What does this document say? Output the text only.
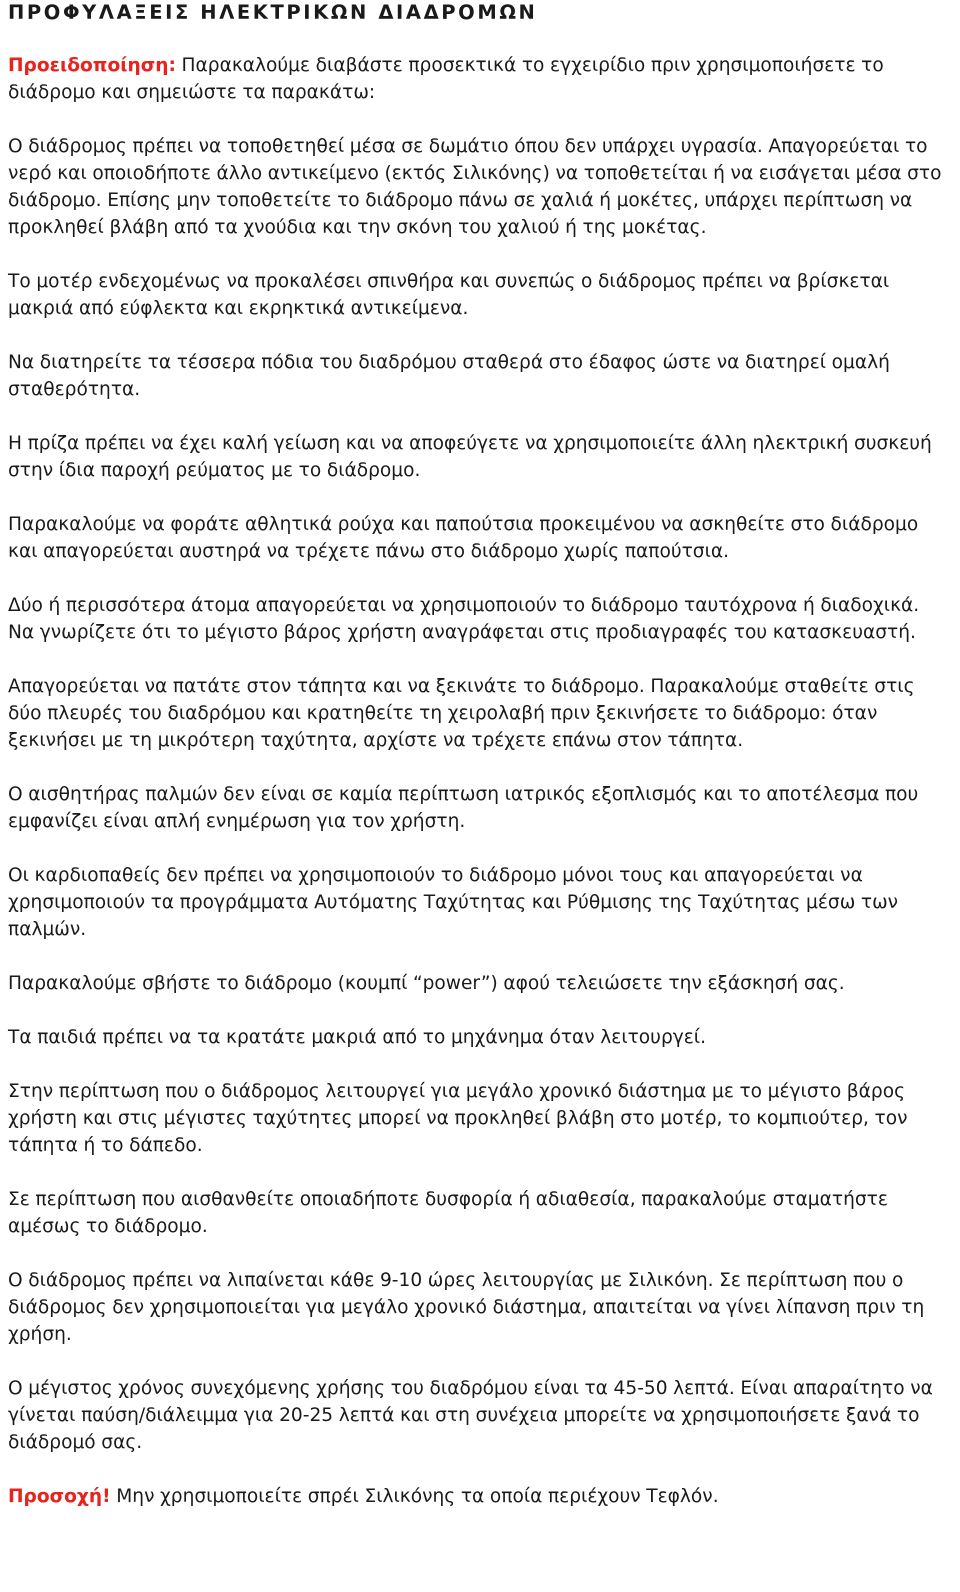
ΠΡΟΦΥΛΑΞΕΙΣ ΗΛΕΚΤΡΙΚΩΝ ΔΙΑΔΡΟΜΩΝ

Προειδοποίηση: Παρακαλούμε διαβάστε προσεκτικά το εγχειρίδιο πριν χρησιμοποιήσετε το διάδρομο και σημειώστε τα παρακάτω:

Ο διάδρομος πρέπει να τοποθετηθεί μέσα σε δωμάτιο όπου δεν υπάρχει υγρασία. Απαγορεύεται το νερό και οποιοδήποτε άλλο αντικείμενο (εκτός Σιλικόνης) να τοποθετείται ή να εισάγεται μέσα στο διάδρομο. Επίσης μην τοποθετείτε το διάδρομο πάνω σε χαλιά ή μοκέτες, υπάρχει περίπτωση να προκληθεί βλάβη από τα χνούδια και την σκόνη του χαλιού ή της μοκέτας.

Το μοτέρ ενδεχομένως να προκαλέσει σπινθήρα και συνεπώς ο διάδρομος πρέπει να βρίσκεται μακριά από εύφλεκτα και εκρηκτικά αντικείμενα.

Να διατηρείτε τα τέσσερα πόδια του διαδρόμου σταθερά στο έδαφος ώστε να διατηρεί ομαλή σταθερότητα.

Η πρίζα πρέπει να έχει καλή γείωση και να αποφεύγετε να χρησιμοποιείτε άλλη ηλεκτρική συσκευή στην ίδια παροχή ρεύματος με το διάδρομο.

Παρακαλούμε να φοράτε αθλητικά ρούχα και παπούτσια προκειμένου να ασκηθείτε στο διάδρομο και απαγορεύεται αυστηρά να τρέχετε πάνω στο διάδρομο χωρίς παπούτσια.

Δύο ή περισσότερα άτομα απαγορεύεται να χρησιμοποιούν το διάδρομο ταυτόχρονα ή διαδοχικά. Να γνωρίζετε ότι το μέγιστο βάρος χρήστη αναγράφεται στις προδιαγραφές του κατασκευαστή.

Απαγορεύεται να πατάτε στον τάπητα και να ξεκινάτε το διάδρομο. Παρακαλούμε σταθείτε στις δύο πλευρές του διαδρόμου και κρατηθείτε τη χειρολαβή πριν ξεκινήσετε το διάδρομο: όταν ξεκινήσει με τη μικρότερη ταχύτητα, αρχίστε να τρέχετε επάνω στον τάπητα.

Ο αισθητήρας παλμών δεν είναι σε καμία περίπτωση ιατρικός εξοπλισμός και το αποτέλεσμα που εμφανίζει είναι απλή ενημέρωση για τον χρήστη.

Οι καρδιοπαθείς δεν πρέπει να χρησιμοποιούν το διάδρομο μόνοι τους και απαγορεύεται να χρησιμοποιούν τα προγράμματα Αυτόματης Ταχύτητας και Ρύθμισης της Ταχύτητας μέσω των παλμών.

Παρακαλούμε σβήστε το διάδρομο (κουμπί “power”) αφού τελειώσετε την εξάσκησή σας.

Τα παιδιά πρέπει να τα κρατάτε μακριά από το μηχάνημα όταν λειτουργεί.

Στην περίπτωση που ο διάδρομος λειτουργεί για μεγάλο χρονικό διάστημα με το μέγιστο βάρος χρήστη και στις μέγιστες ταχύτητες μπορεί να προκληθεί βλάβη στο μοτέρ, το κομπιούτερ, τον τάπητα ή το δάπεδο.

Σε περίπτωση που αισθανθείτε οποιαδήποτε δυσφορία ή αδιαθεσία, παρακαλούμε σταματήστε αμέσως το διάδρομο.

Ο διάδρομος πρέπει να λιπαίνεται κάθε 9-10 ώρες λειτουργίας με Σιλικόνη. Σε περίπτωση που ο διάδρομος δεν χρησιμοποιείται για μεγάλο χρονικό διάστημα, απαιτείται να γίνει λίπανση πριν τη χρήση.

Ο μέγιστος χρόνος συνεχόμενης χρήσης του διαδρόμου είναι τα 45-50 λεπτά. Είναι απαραίτητο να γίνεται παύση/διάλειμμα για 20-25 λεπτά και στη συνέχεια μπορείτε να χρησιμοποιήσετε ξανά το διάδρομό σας.

Προσοχή! Μην χρησιμοποιείτε σπρέι Σιλικόνης τα οποία περιέχουν Τεφλόν.
